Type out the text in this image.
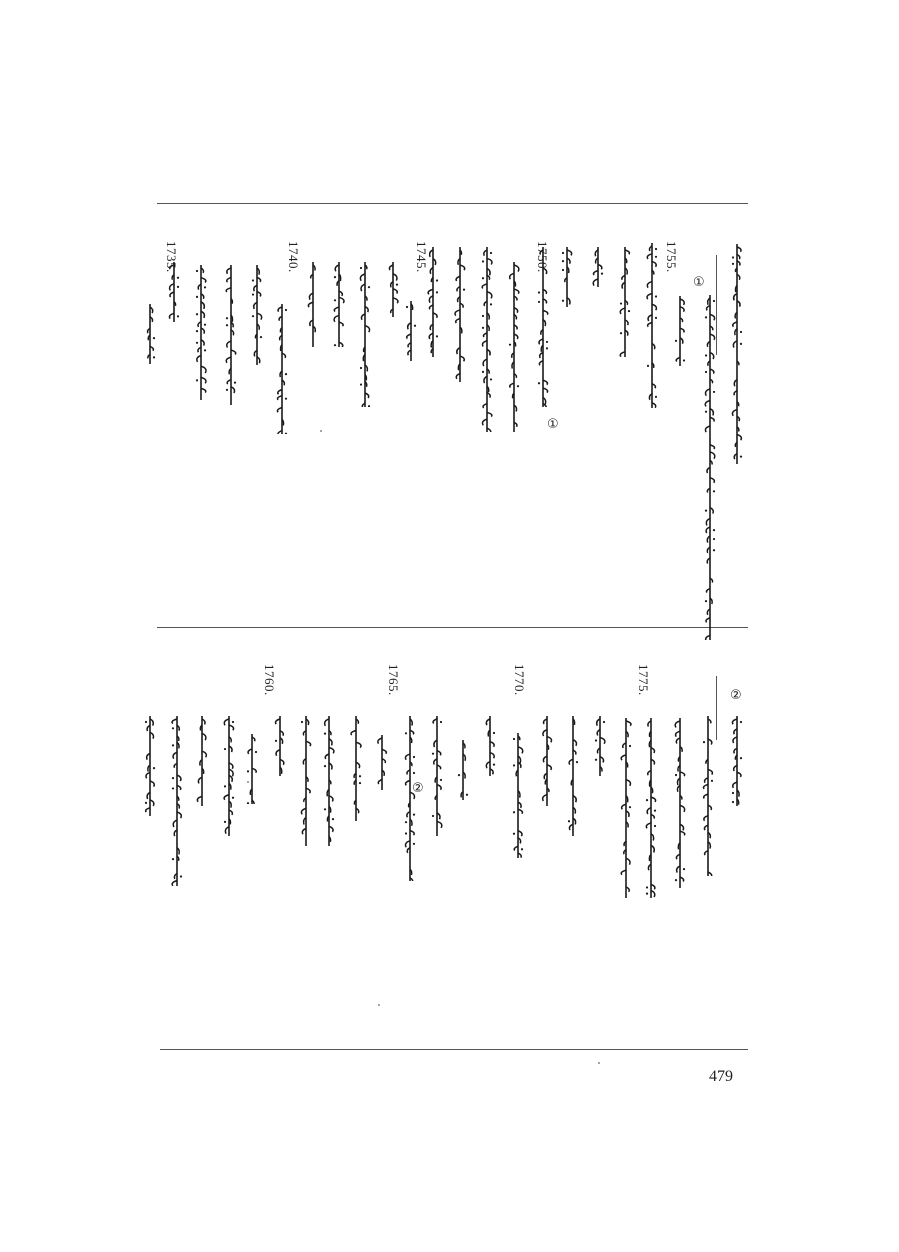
1755.
1750.
1745.
1740.
1735.
①
①
1775.
1770.
1765.
1760.	②
②
479
